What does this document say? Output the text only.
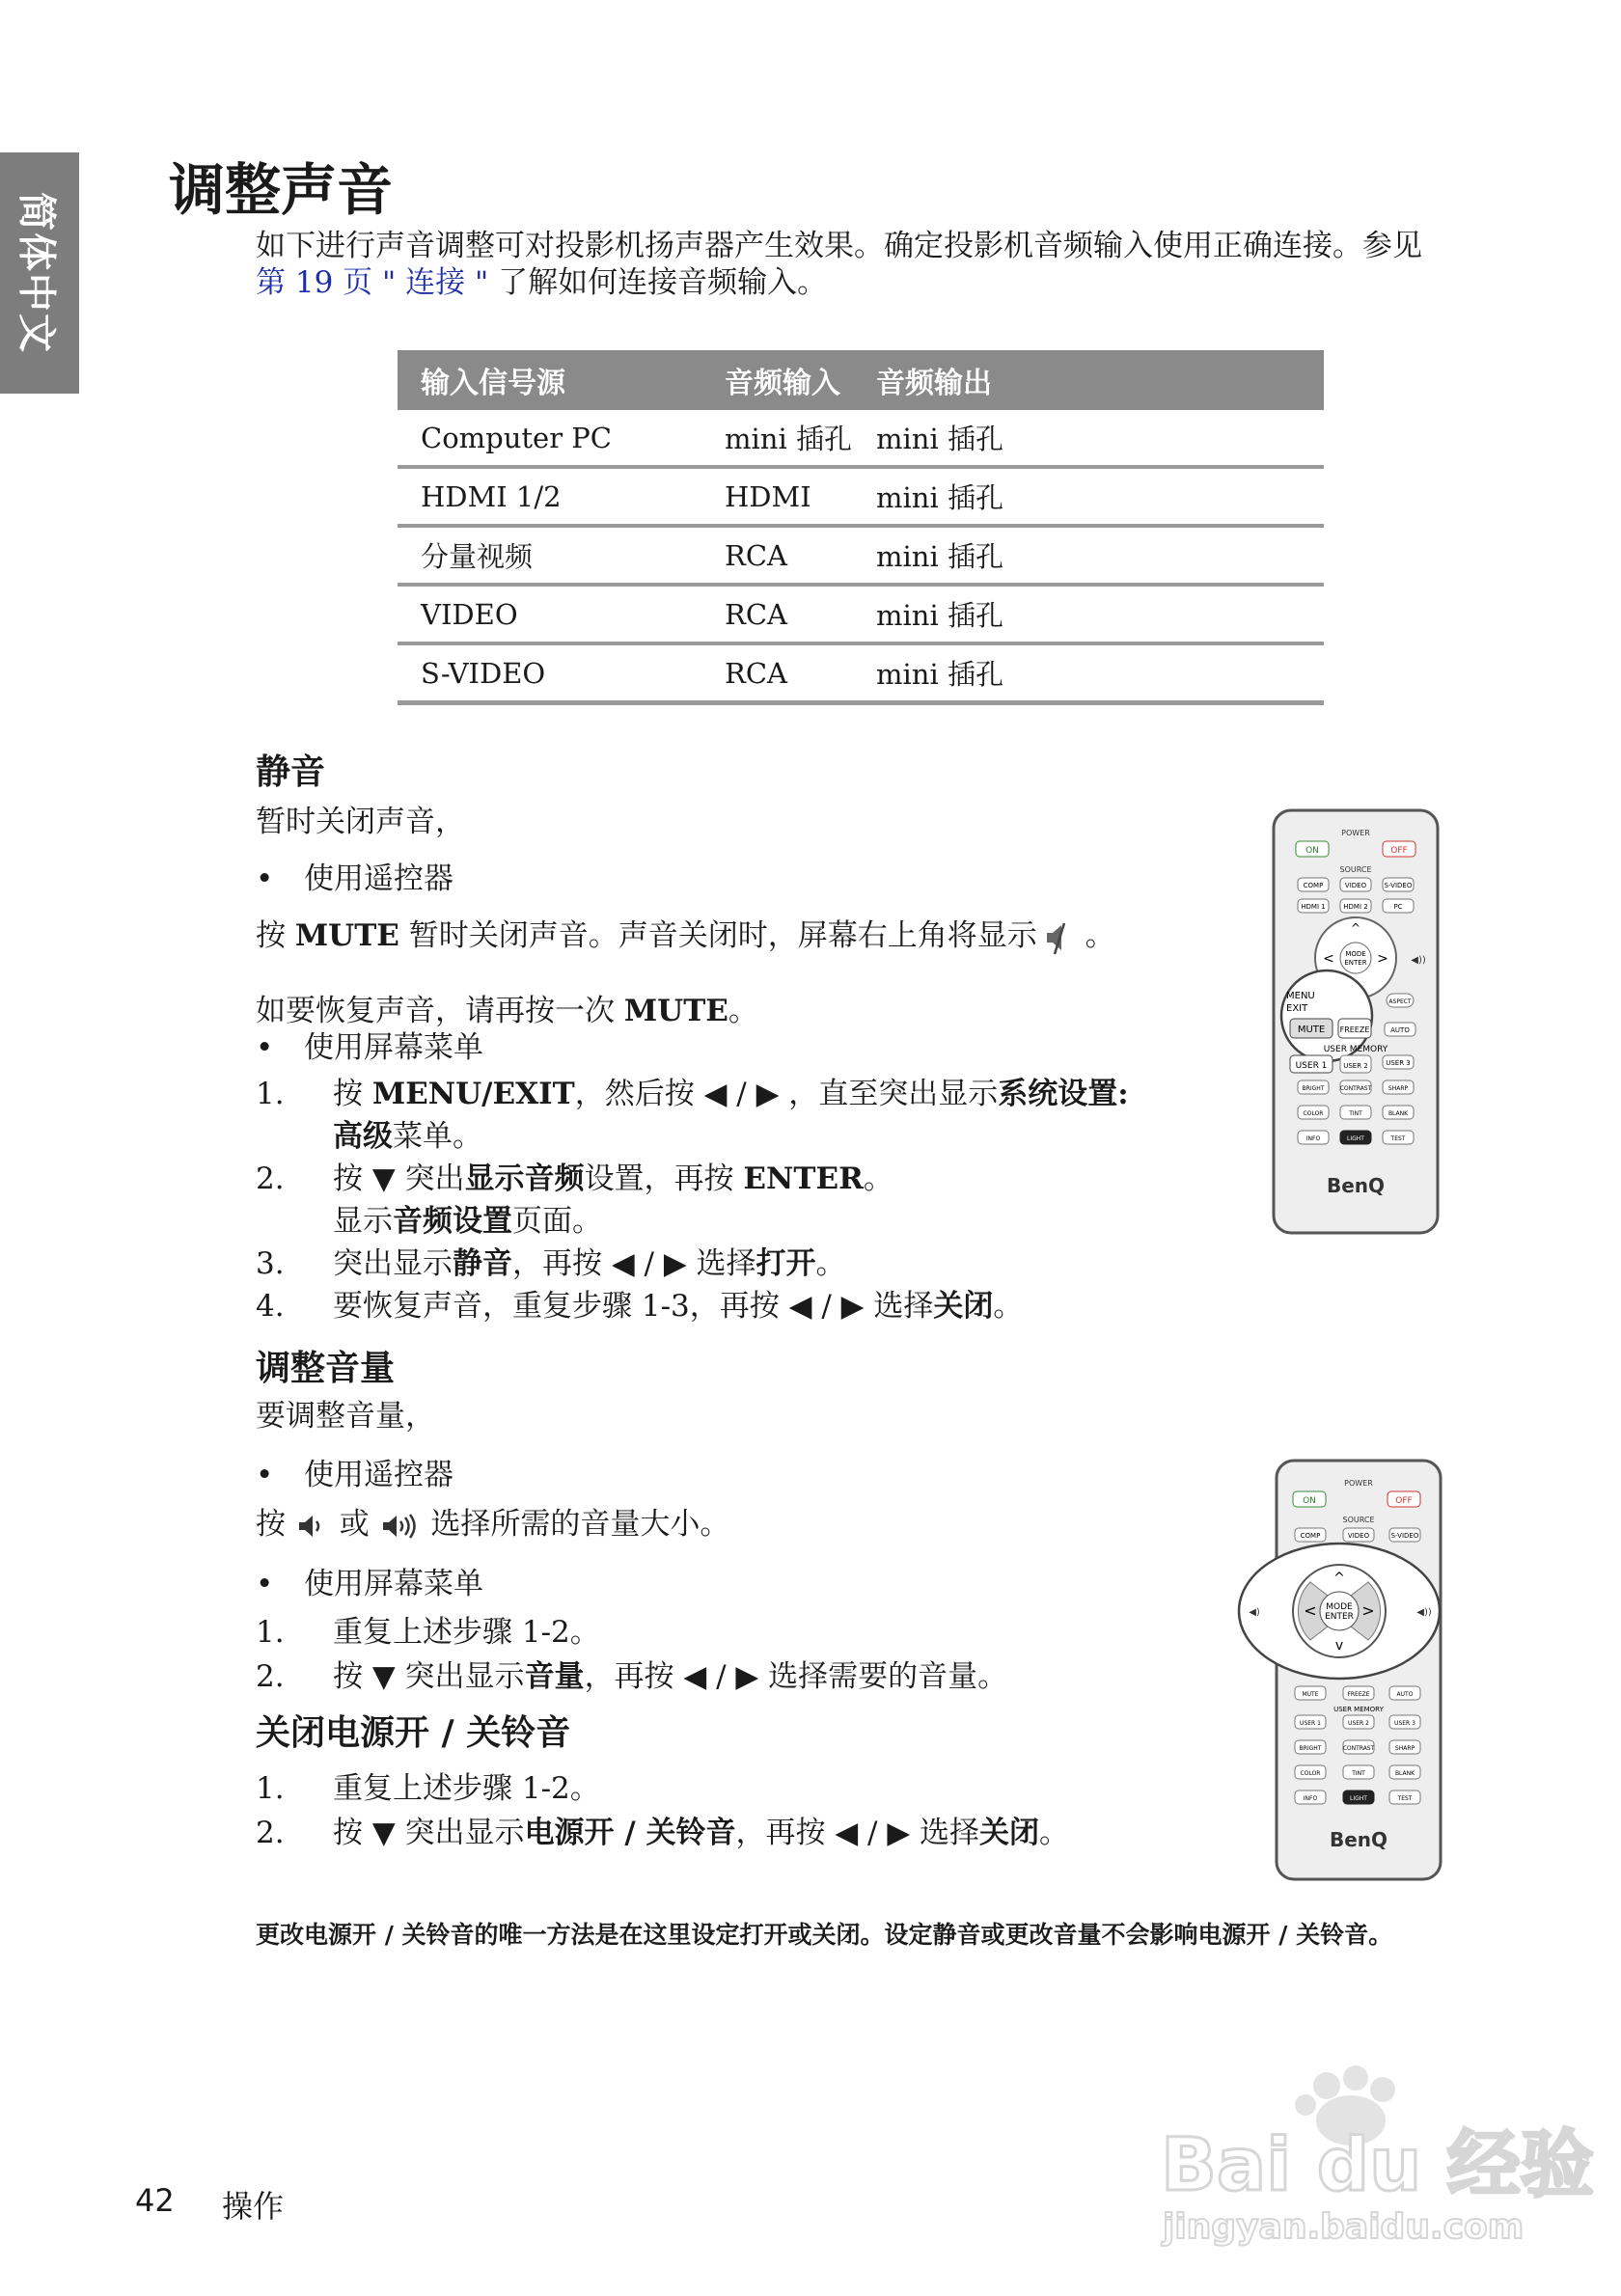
简体中文
调整声音

如下进行声音调整可对投影机扬声器产生效果。确定投影机音频输入使用正确连接。参见第 19 页 " 连接 " 了解如何连接音频输入。

输入信号源	音频输入	音频输出
Computer PC	mini 插孔	mini 插孔
HDMI 1/2	HDMI	mini 插孔
分量视频	RCA	mini 插孔
VIDEO	RCA	mini 插孔
S-VIDEO	RCA	mini 插孔
静音

暂时关闭声音，

• 使用遥控器

按 MUTE 暂时关闭声音。声音关闭时，屏幕右上角将显示 。

如要恢复声音，请再按一次 MUTE。

• 使用屏幕菜单

1. 按 MENU/EXIT，然后按 ◀ / ▶ ，直至突出显示系统设置:

高级菜单。

2. 按 ▼ 突出显示音频设置，再按 ENTER。

显示音频设置页面。

3. 突出显示静音，再按 ◀ / ▶ 选择打开。

4. 要恢复声音，重复步骤 1-3，再按 ◀ / ▶ 选择关闭。

调整音量

要调整音量，

• 使用遥控器

按  或  选择所需的音量大小。

• 使用屏幕菜单

1. 重复上述步骤 1-2。

2. 按 ▼ 突出显示音量，再按 ◀ / ▶ 选择需要的音量。

关闭电源开 / 关铃音

1. 重复上述步骤 1-2。

2. 按 ▼ 突出显示电源开 / 关铃音，再按 ◀ / ▶ 选择关闭。

更改电源开 / 关铃音的唯一方法是在这里设定打开或关闭。设定静音或更改音量不会影响电源开 / 关铃音。

POWER
ON	OFF
SOURCE
COMP	VIDEO	S-VIDEO
HDMI 1	HDMI 2	PC
MODE
ENTER
^
<	> ◀))
MENU
EXIT
MUTE FREEZE	AUTO
ASPECT
USER MEMORY
USER 1 USER 2	USER 3
BRIGHT	CONTRAST	SHARP
COLOR	TINT	BLANK
INFO	LIGHT	TEST
BenQ
POWER
ON	OFF
SOURCE
COMP	VIDEO	S-VIDEO
MODE
ENTER
^
v
<	>
◀)	◀))
MUTE	FREEZE	AUTO
USER MEMORY
USER 1	USER 2	USER 3
BRIGHT	CONTRAST	SHARP
COLOR	TINT	BLANK
INFO	LIGHT	TEST
BenQ
42 操作	Bai du 经验
jingyan.baidu.com
